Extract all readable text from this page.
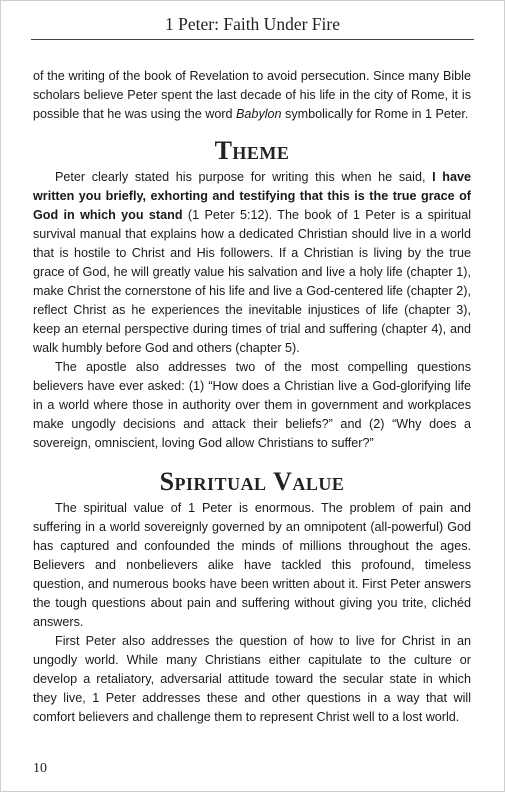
1 Peter: Faith Under Fire

of the writing of the book of Revelation to avoid persecution. Since many Bible scholars believe Peter spent the last decade of his life in the city of Rome, it is possible that he was using the word Babylon symbolically for Rome in 1 Peter.

Theme

Peter clearly stated his purpose for writing this when he said, I have written you briefly, exhorting and testifying that this is the true grace of God in which you stand (1 Peter 5:12). The book of 1 Peter is a spiritual survival manual that explains how a dedicated Christian should live in a world that is hostile to Christ and His followers. If a Christian is living by the true grace of God, he will greatly value his salvation and live a holy life (chapter 1), make Christ the cornerstone of his life and live a God-centered life (chapter 2), reflect Christ as he experiences the inevitable injustices of life (chapter 3), keep an eternal perspective during times of trial and suffering (chapter 4), and walk humbly before God and others (chapter 5).

The apostle also addresses two of the most compelling questions believers have ever asked: (1) “How does a Christian live a God-glorifying life in a world where those in authority over them in government and workplaces make ungodly decisions and attack their beliefs?” and (2) “Why does a sovereign, omniscient, loving God allow Christians to suffer?”

Spiritual Value

The spiritual value of 1 Peter is enormous. The problem of pain and suffering in a world sovereignly governed by an omnipotent (all-powerful) God has captured and confounded the minds of millions throughout the ages. Believers and nonbelievers alike have tackled this profound, timeless question, and numerous books have been written about it. First Peter answers the tough questions about pain and suffering without giving you trite, clichéd answers.

First Peter also addresses the question of how to live for Christ in an ungodly world. While many Christians either capitulate to the culture or develop a retaliatory, adversarial attitude toward the secular state in which they live, 1 Peter addresses these and other questions in a way that will comfort believers and challenge them to represent Christ well to a lost world.

10
